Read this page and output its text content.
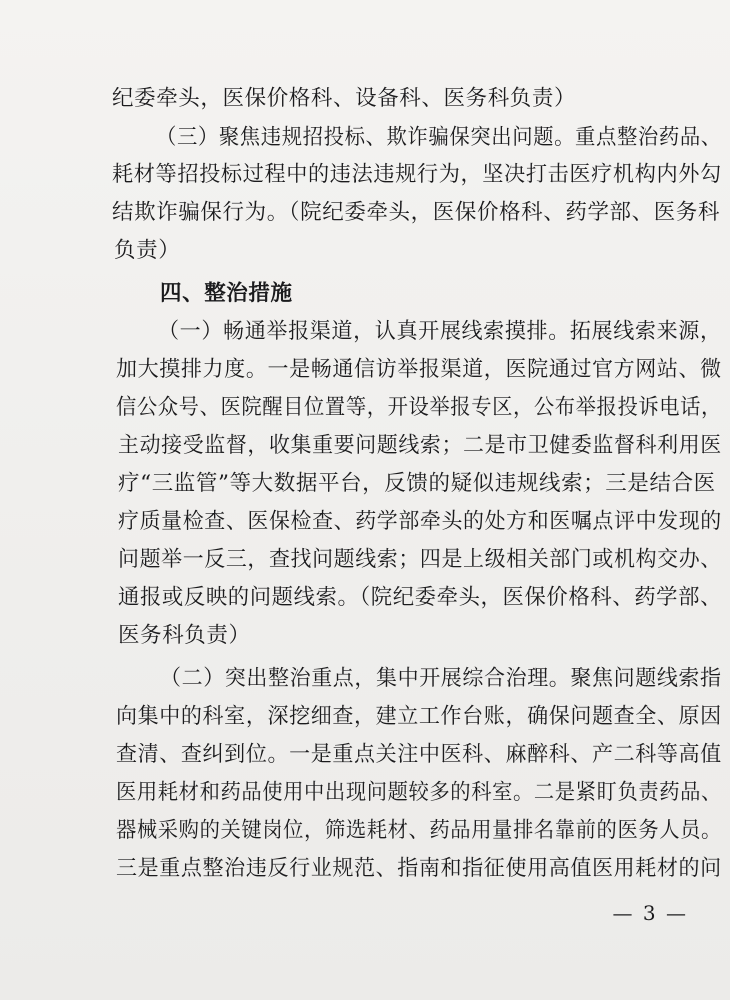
纪委牵头，医保价格科、设备科、医务科负责）
（三）聚焦违规招投标、欺诈骗保突出问题。重点整治药品、
耗材等招投标过程中的违法违规行为，坚决打击医疗机构内外勾
结欺诈骗保行为。（院纪委牵头，医保价格科、药学部、医务科
负责）
四、整治措施
（一）畅通举报渠道，认真开展线索摸排。拓展线索来源，
加大摸排力度。一是畅通信访举报渠道，医院通过官方网站、微
信公众号、医院醒目位置等，开设举报专区，公布举报投诉电话，
主动接受监督，收集重要问题线索；二是市卫健委监督科利用医
疗“三监管”等大数据平台，反馈的疑似违规线索；三是结合医
疗质量检查、医保检查、药学部牵头的处方和医嘱点评中发现的
问题举一反三，查找问题线索；四是上级相关部门或机构交办、
通报或反映的问题线索。（院纪委牵头，医保价格科、药学部、
医务科负责）
（二）突出整治重点，集中开展综合治理。聚焦问题线索指
向集中的科室，深挖细查，建立工作台账，确保问题查全、原因
查清、查纠到位。一是重点关注中医科、麻醉科、产二科等高值
医用耗材和药品使用中出现问题较多的科室。二是紧盯负责药品、
器械采购的关键岗位，筛选耗材、药品用量排名靠前的医务人员。
三是重点整治违反行业规范、指南和指征使用高值医用耗材的问
— 3 —
